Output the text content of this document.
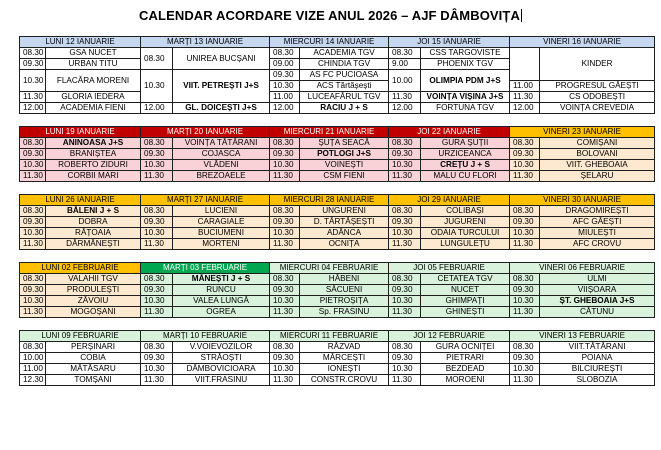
CALENDAR ACORDARE VIZE ANUL 2026 – AJF DÂMBOVIȚA
LUNI 12 IANUARIE		MARȚI 13 IANUARIE		MIERCURI 14 IANUARIE		JOI 15 IANUARIE		VINERI 16 IANUARIE	
08.30	GSA NUCET	08.30	UNIREA BUCȘANI	08.30	ACADEMIA TGV	08.30	CSS TARGOVISTE		KINDER
09.30	URBAN TITU			09.00	CHINDIA TGV	9.00	PHOENIX TGV		
10.30	FLACĂRA MORENI	10.30	VIIT. PETREȘTI J+S	09.30	AS FC PUCIOASA	10.00	OLIMPIA PDM J+S		
				10.30	ACS Tărtășești			11.00	PROGRESUL GĂEȘTI
11.30	GLORIA IEDERA			11.00	LUCEAFĂRUL TGV	11.30	VOINȚA VIȘINA J+S	11.30	CS ODOBEȘTI
12.00	ACADEMIA FIENI	12.00	GL. DOICEȘTI J+S	12.00	RACIU J + S	12.00	FORTUNA TGV	12.00	VOINȚA CREVEDIA

LUNI 19 IANUARIE		MARȚI 20 IANUARIE		MIERCURI 21 IANUARIE		JOI 22 IANUARIE		VINERI 23 IANUARIE	
08.30	ANINOASA J+S	08.30	VOINȚA TĂTĂRANI	08.30	ȘUȚA SEACĂ	08.30	GURA ȘUȚII	08.30	COMIȘANI
09.30	BRANIȘTEA	09.30	COJASCA	09.30	POTLOGI J+S	09.30	URZICEANCA	09.30	BOLOVANI
10.30	ROBERTO ZIDURI	10.30	VLĂDENI	10.30	VOINEȘTI	10.30	CREȚU J + S	10.30	VIIT. GHEBOAIA
11.30	CORBII MARI	11.30	BREZOAELE	11.30	CSM FIENI	11.30	MALU CU FLORI	11.30	ȘELARU

LUNI 26 IANUARIE		MARȚI 27 IANUARIE		MIERCURI 28 IANUARIE		JOI 29 IANUARIE		VINERI 30 IANUARIE	
08.30	BĂLENI J + S	08.30	LUCIENI	08.30	UNGURENI	08.30	COLIBAȘI	08.30	DRAGOMIREȘTI
09.30	DOBRA	09.30	CARAGIALE	09.30	D. TĂRTĂȘEȘTI	09.30	JUGURENI	09.30	AFC GĂEȘTI
10.30	RĂȚOAIA	10.30	BUCIUMENI	10.30	ADÂNCA	10.30	ODAIA TURCULUI	10.30	MIULEȘTI
11.30	DĂRMĂNEȘTI	11.30	MORTENI	11.30	OCNIȚA	11.30	LUNGULEȚU	11.30	AFC CROVU

LUNI 02 FEBRUARIE		MARȚI 03 FEBRUARIE		MIERCURI 04 FEBRUARIE		JOI 05 FEBRUARIE		VINERI 06 FEBRUARIE	
08.30	VALAHII TGV	08.30	MĂNEȘTI J + S	08.30	HĂBENI	08.30	CETATEA TGV	08.30	ULMI
09.30	PRODULEȘTI	09.30	RUNCU	09.30	SĂCUENI	09.30	NUCET	09.30	VIIȘOARA
10.30	ZĂVOIU	10.30	VALEA LUNGĂ	10.30	PIETROȘIȚA	10.30	GHIMPAȚI	10.30	ȘT. GHEBOAIA J+S
11.30	MOGOȘANI	11.30	OGREA	11.30	Sp. FRASINU	11.30	GHINEȘTI	11.30	CĂTUNU

LUNI 09 FEBRUARIE		MARȚI 10 FEBRUARIE		MIERCURI 11 FEBRUARIE		JOI 12 FEBRUARIE		VINERI 13 FEBRUARIE	
08.30	PERȘINARI	08.30	V.VOIEVOZILOR	08.30	RĂZVAD	08.30	GURA OCNIȚEI	08.30	VIIT.TĂTĂRANI
10.00	COBIA	09.30	STRĂOȘTI	09.30	MĂRCEȘTI	09.30	PIETRARI	09.30	POIANA
11.00	MĂTĂSARU	10.30	DÂMBOVICIOARA	10.30	IONEȘTI	10.30	BEZDEAD	10.30	BILCIUREȘTI
12.30	TOMȘANI	11.30	VIIT.FRASINU	11.30	CONSTR.CROVU	11.30	MOROENI	11.30	SLOBOZIA
